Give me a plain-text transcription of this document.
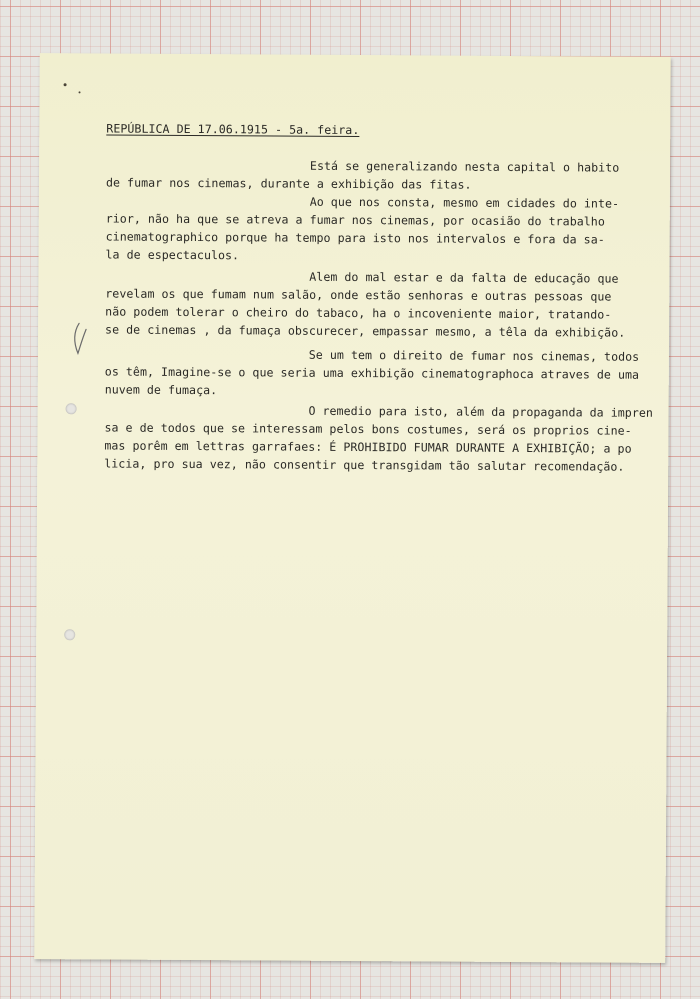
REPÚBLICA DE 17.06.1915 - 5a. feira.
Está se generalizando nesta capital o habito
de fumar nos cinemas, durante a exhibição das fitas.
Ao que nos consta, mesmo em cidades do inte-
rior, não ha que se atreva a fumar nos cinemas, por ocasião do trabalho
cinematographico porque ha tempo para isto nos intervalos e fora da sa-
la de espectaculos.
Alem do mal estar e da falta de educação que
revelam os que fumam num salão, onde estão senhoras e outras pessoas que
não podem tolerar o cheiro do tabaco, ha o incoveniente maior, tratando-
se de cinemas , da fumaça obscurecer, empassar mesmo, a têla da exhibição.
Se um tem o direito de fumar nos cinemas, todos
os têm, Imagine-se o que seria uma exhibição cinematographoca atraves de uma
nuvem de fumaça.
O remedio para isto, além da propaganda da impren
sa e de todos que se interessam pelos bons costumes, será os proprios cine-
mas porêm em lettras garrafaes: É PROHIBIDO FUMAR DURANTE A EXHIBIÇÃO; a po
licia, pro sua vez, não consentir que transgidam tão salutar recomendação.
